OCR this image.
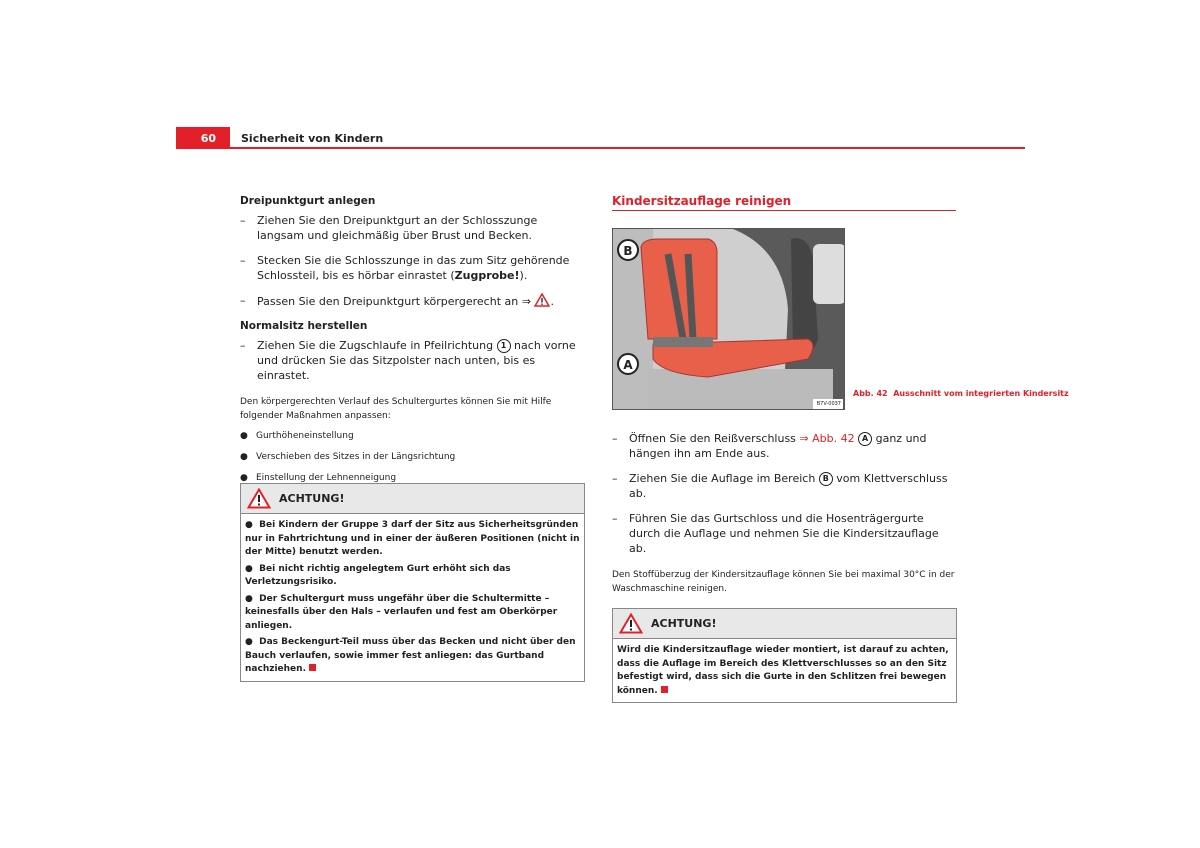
60	Sicherheit von Kindern
Dreipunktgurt anlegen
–	Ziehen Sie den Dreipunktgurt an der Schlosszunge langsam und gleichmäßig über Brust und Becken.
–	Stecken Sie die Schlosszunge in das zum Sitz gehörende Schlossteil, bis es hörbar einrastet (Zugprobe!).
–	Passen Sie den Dreipunktgurt körpergerecht an ⇒ .
Normalsitz herstellen
–	Ziehen Sie die Zugschlaufe in Pfeilrichtung 1 nach vorne und drücken Sie das Sitzpolster nach unten, bis es einrastet.
Den körpergerechten Verlauf des Schultergurtes können Sie mit Hilfe folgender Maßnahmen anpassen:
● Gurthöheneinstellung
● Verschieben des Sitzes in der Längsrichtung
● Einstellung der Lehnenneigung
ACHTUNG!

● Bei Kindern der Gruppe 3 darf der Sitz aus Sicherheitsgründen nur in Fahrtrichtung und in einer der äußeren Positionen (nicht in der Mitte) benutzt werden.

● Bei nicht richtig angelegtem Gurt erhöht sich das Verletzungsrisiko.

● Der Schultergurt muss ungefähr über die Schultermitte – keinesfalls über den Hals – verlaufen und fest am Oberkörper anliegen.

● Das Beckengurt-Teil muss über das Becken und nicht über den Bauch verlaufen, sowie immer fest anliegen: das Gurtband nachziehen.

Kindersitzauflage reinigen
B
A
B7V-0037
Abb. 42 Ausschnitt vom integrierten Kindersitz
–	Öffnen Sie den Reißverschluss ⇒ Abb. 42 A ganz und hängen ihn am Ende aus.
–	Ziehen Sie die Auflage im Bereich B vom Klettverschluss ab.
–	Führen Sie das Gurtschloss und die Hosenträgergurte durch die Auflage und nehmen Sie die Kindersitzauflage ab.
Den Stoffüberzug der Kindersitzauflage können Sie bei maximal 30°C in der Waschmaschine reinigen.
ACHTUNG!

Wird die Kindersitzauflage wieder montiert, ist darauf zu achten, dass die Auflage im Bereich des Klettverschlusses so an den Sitz befestigt wird, dass sich die Gurte in den Schlitzen frei bewegen können.
